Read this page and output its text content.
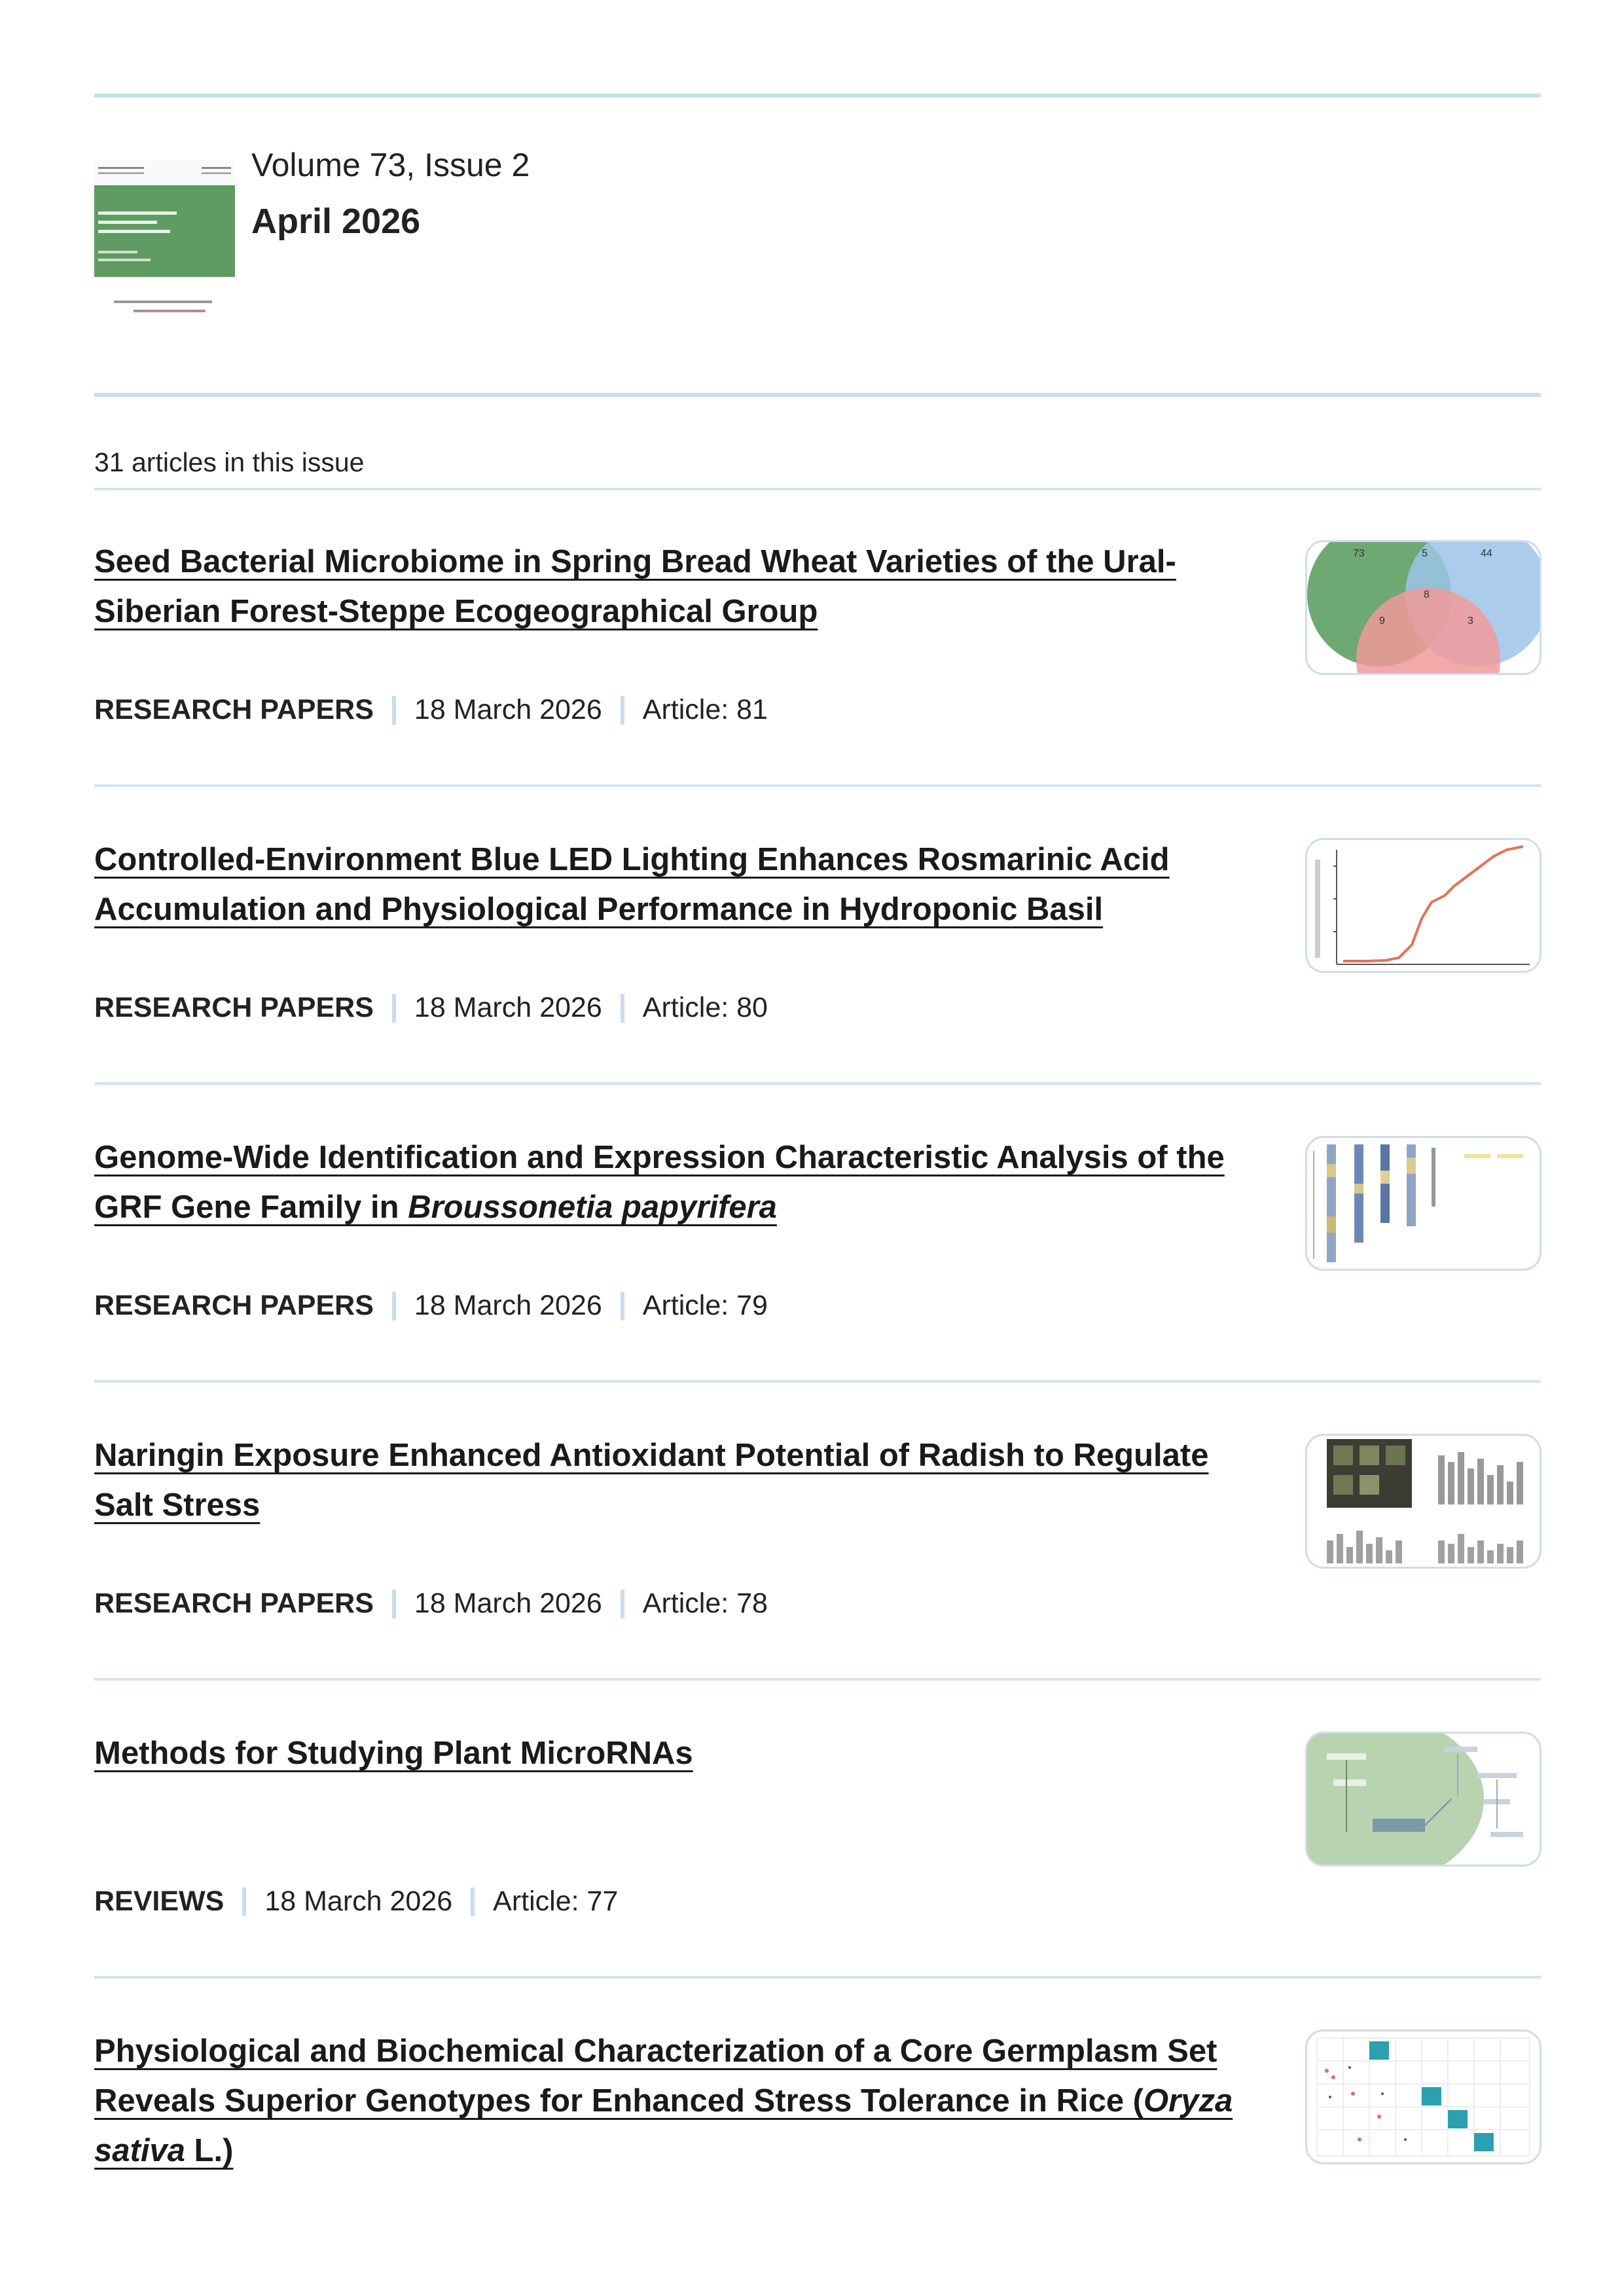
Volume 73, Issue 2
April 2026
31 articles in this issue
Seed Bacterial Microbiome in Spring Bread Wheat Varieties of the Ural-Siberian Forest-Steppe Ecogeographical Group
RESEARCH PAPERS 18 March 2026 Article: 81
73	5	44
9
8
3
Controlled-Environment Blue LED Lighting Enhances Rosmarinic Acid Accumulation and Physiological Performance in Hydroponic Basil
RESEARCH PAPERS 18 March 2026 Article: 80
Genome-Wide Identification and Expression Characteristic Analysis of the GRF Gene Family in Broussonetia papyrifera
RESEARCH PAPERS 18 March 2026 Article: 79
Naringin Exposure Enhanced Antioxidant Potential of Radish to Regulate Salt Stress
RESEARCH PAPERS 18 March 2026 Article: 78
Methods for Studying Plant MicroRNAs
REVIEWS 18 March 2026 Article: 77
Physiological and Biochemical Characterization of a Core Germplasm Set Reveals Superior Genotypes for Enhanced Stress Tolerance in Rice (Oryza sativa L.)
